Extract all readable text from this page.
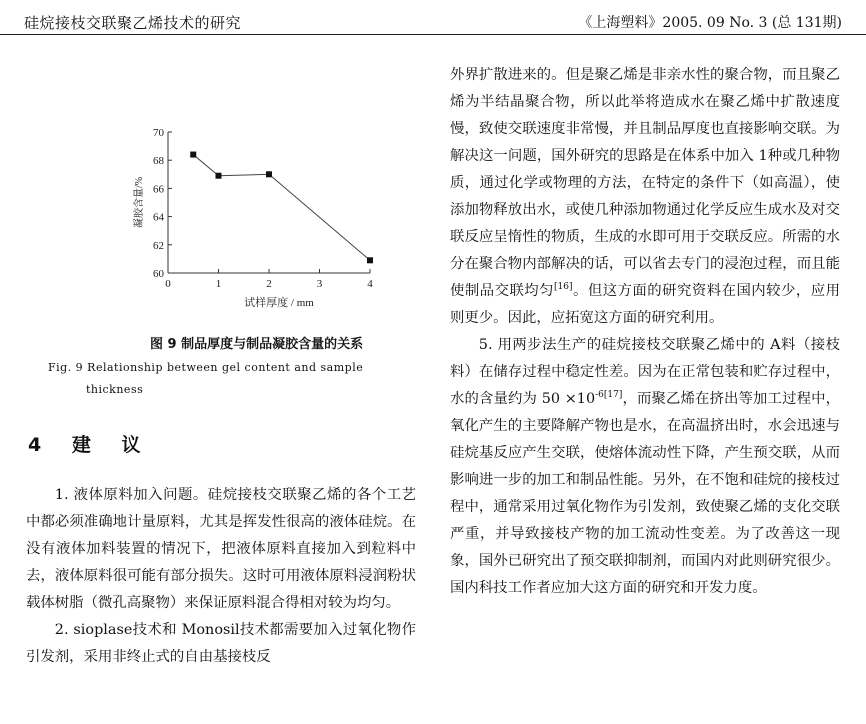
硅烷接枝交联聚乙烯技术的研究	《上海塑料》2005. 09 No. 3 (总 131期)
60
62
64
66
68
70
0	1	2	3	4
试样厚度 / mm
凝胶含量/%
图 9 制品厚度与制品凝胶含量的关系
Fig. 9 Relationship between gel content and sample
thickness
4 建 议

1. 液体原料加入问题。硅烷接枝交联聚乙烯的各个工艺中都必须准确地计量原料，尤其是挥发性很高的液体硅烷。在没有液体加料装置的情况下，把液体原料直接加入到粒料中去，液体原料很可能有部分损失。这时可用液体原料浸润粉状载体树脂（微孔高聚物）来保证原料混合得相对较为均匀。

2. sioplase技术和 Monosil技术都需要加入过氧化物作引发剂，采用非终止式的自由基接枝反

外界扩散进来的。但是聚乙烯是非亲水性的聚合物，而且聚乙烯为半结晶聚合物，所以此举将造成水在聚乙烯中扩散速度慢，致使交联速度非常慢，并且制品厚度也直接影响交联。为解决这一问题，国外研究的思路是在体系中加入 1种或几种物质，通过化学或物理的方法，在特定的条件下（如高温），使添加物释放出水，或使几种添加物通过化学反应生成水及对交联反应呈惰性的物质，生成的水即可用于交联反应。所需的水分在聚合物内部解决的话，可以省去专门的浸泡过程，而且能使制品交联均匀[16]。但这方面的研究资料在国内较少，应用则更少。因此，应拓宽这方面的研究利用。

5. 用两步法生产的硅烷接枝交联聚乙烯中的 A料（接枝料）在储存过程中稳定性差。因为在正常包装和贮存过程中，水的含量约为 $50 \times 10^{-6[17]}$，而聚乙烯在挤出等加工过程中，氧化产生的主要降解产物也是水，在高温挤出时，水会迅速与硅烷基反应产生交联，使熔体流动性下降，产生预交联，从而影响进一步的加工和制品性能。另外，在不饱和硅烷的接枝过程中，通常采用过氧化物作为引发剂，致使聚乙烯的支化交联严重，并导致接枝产物的加工流动性变差。为了改善这一现象，国外已研究出了预交联抑制剂，而国内对此则研究很少。国内科技工作者应加大这方面的研究和开发力度。
